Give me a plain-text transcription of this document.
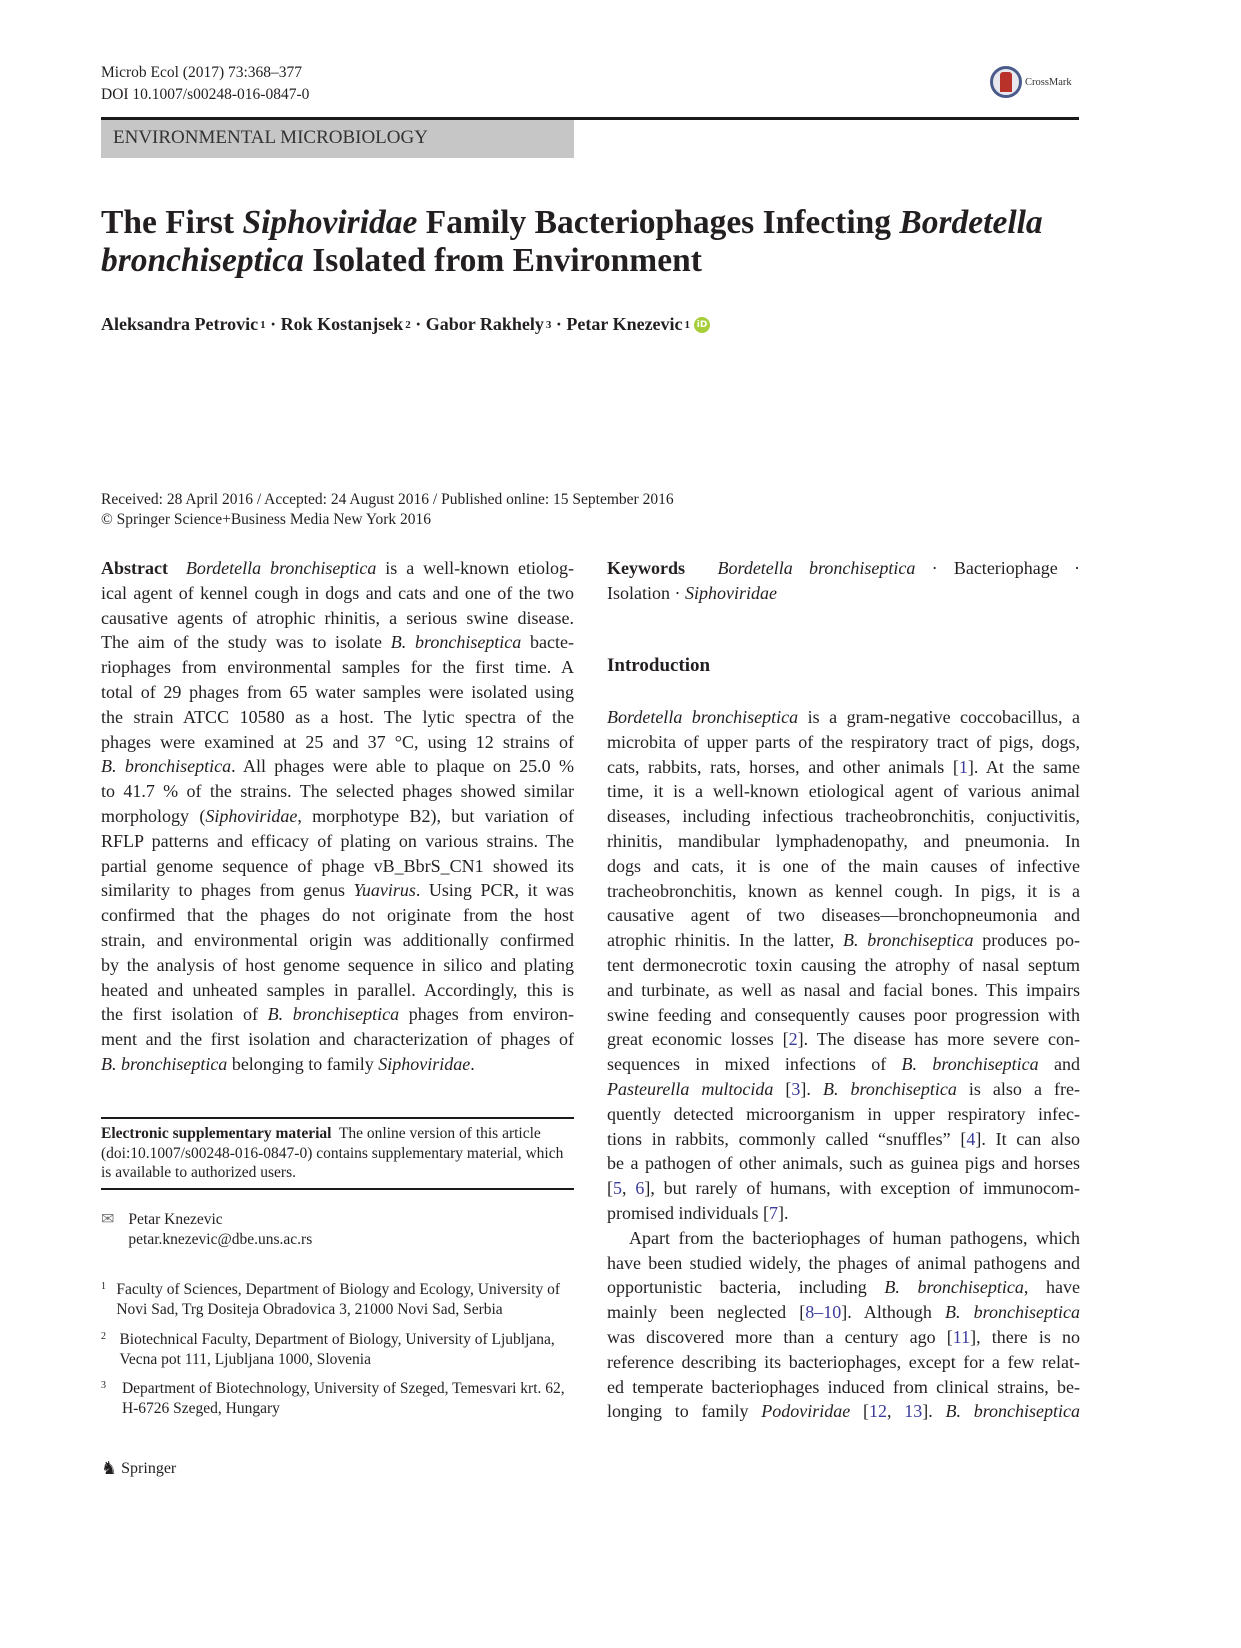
Microb Ecol (2017) 73:368–377
DOI 10.1007/s00248-016-0847-0
CrossMark
ENVIRONMENTAL MICROBIOLOGY
The First Siphoviridae Family Bacteriophages Infecting Bordetella
bronchiseptica Isolated from Environment
Aleksandra Petrovic 1 · Rok Kostanjsek 2 · Gabor Rakhely 3 · Petar Knezevic 1 iD
Received: 28 April 2016 / Accepted: 24 August 2016 / Published online: 15 September 2016
© Springer Science+Business Media New York 2016
Abstract Bordetella bronchiseptica is a well-known etiolog-
ical agent of kennel cough in dogs and cats and one of the two
causative agents of atrophic rhinitis, a serious swine disease.
The aim of the study was to isolate B. bronchiseptica bacte-
riophages from environmental samples for the first time. A
total of 29 phages from 65 water samples were isolated using
the strain ATCC 10580 as a host. The lytic spectra of the
phages were examined at 25 and 37 °C, using 12 strains of
B. bronchiseptica. All phages were able to plaque on 25.0 %
to 41.7 % of the strains. The selected phages showed similar
morphology (Siphoviridae, morphotype B2), but variation of
RFLP patterns and efficacy of plating on various strains. The
partial genome sequence of phage vB_BbrS_CN1 showed its
similarity to phages from genus Yuavirus. Using PCR, it was
confirmed that the phages do not originate from the host
strain, and environmental origin was additionally confirmed
by the analysis of host genome sequence in silico and plating
heated and unheated samples in parallel. Accordingly, this is
the first isolation of B. bronchiseptica phages from environ-
ment and the first isolation and characterization of phages of
B. bronchiseptica belonging to family Siphoviridae.
Keywords Bordetella bronchiseptica · Bacteriophage ·
Isolation · Siphoviridae
Introduction
Bordetella bronchiseptica is a gram-negative coccobacillus, a
microbita of upper parts of the respiratory tract of pigs, dogs,
cats, rabbits, rats, horses, and other animals [1]. At the same
time, it is a well-known etiological agent of various animal
diseases, including infectious tracheobronchitis, conjuctivitis,
rhinitis, mandibular lymphadenopathy, and pneumonia. In
dogs and cats, it is one of the main causes of infective
tracheobronchitis, known as kennel cough. In pigs, it is a
causative agent of two diseases—bronchopneumonia and
atrophic rhinitis. In the latter, B. bronchiseptica produces po-
tent dermonecrotic toxin causing the atrophy of nasal septum
and turbinate, as well as nasal and facial bones. This impairs
swine feeding and consequently causes poor progression with
great economic losses [2]. The disease has more severe con-
sequences in mixed infections of B. bronchiseptica and
Pasteurella multocida [3]. B. bronchiseptica is also a fre-
quently detected microorganism in upper respiratory infec-
tions in rabbits, commonly called “snuffles” [4]. It can also
be a pathogen of other animals, such as guinea pigs and horses
[5, 6], but rarely of humans, with exception of immunocom-
promised individuals [7].
Apart from the bacteriophages of human pathogens, which
have been studied widely, the phages of animal pathogens and
opportunistic bacteria, including B. bronchiseptica, have
mainly been neglected [8–10]. Although B. bronchiseptica
was discovered more than a century ago [11], there is no
reference describing its bacteriophages, except for a few relat-
ed temperate bacteriophages induced from clinical strains, be-
longing to family Podoviridae [12, 13]. B. bronchiseptica
Electronic supplementary material The online version of this article (doi:10.1007/s00248-016-0847-0) contains supplementary material, which is available to authorized users.
✉ Petar Knezevic
petar.knezevic@dbe.uns.ac.rs
1 Faculty of Sciences, Department of Biology and Ecology, University of Novi Sad, Trg Dositeja Obradovica 3, 21000 Novi Sad, Serbia
2 Biotechnical Faculty, Department of Biology, University of Ljubljana, Vecna pot 111, Ljubljana 1000, Slovenia
3	Department of Biotechnology, University of Szeged, Temesvari krt. 62, H-6726 Szeged, Hungary
♞ Springer
